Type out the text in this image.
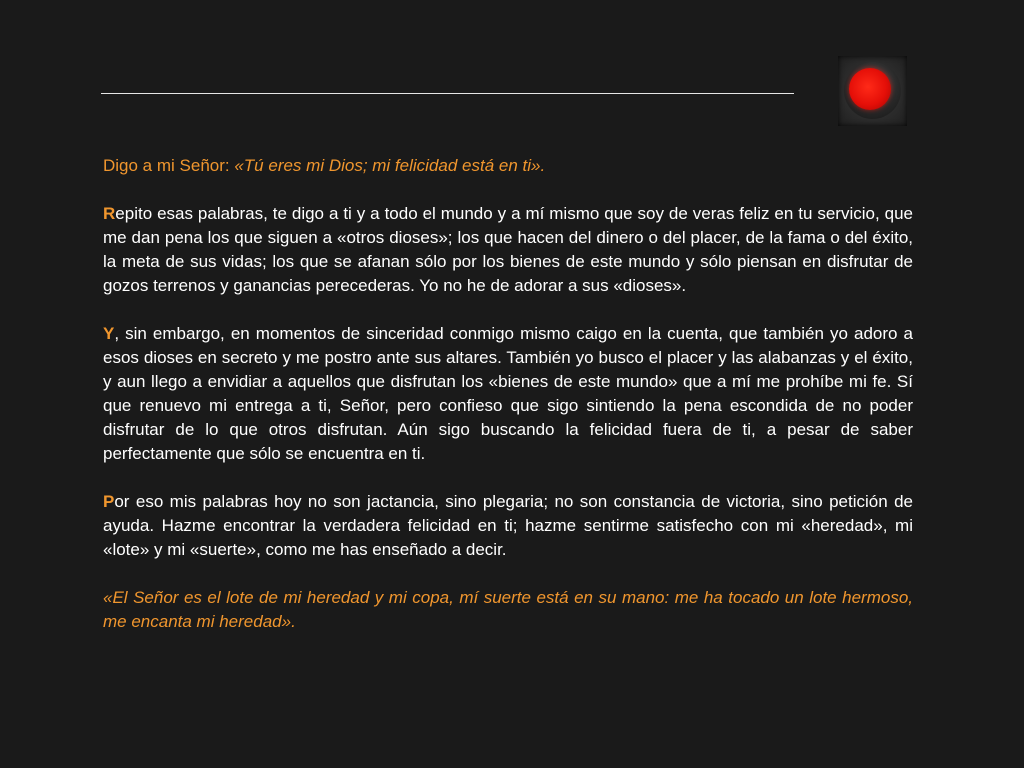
Digo a mi Señor: «Tú eres mi Dios; mi felicidad está en ti».

Repito esas palabras, te digo a ti y a todo el mundo y a mí mismo que soy de veras feliz en tu servicio, que me dan pena los que siguen a «otros dioses»; los que hacen del dinero o del placer, de la fama o del éxito, la meta de sus vidas; los que se afanan sólo por los bienes de este mundo y sólo piensan en disfrutar de gozos terrenos y ganancias perecederas. Yo no he de adorar a sus «dioses».

Y, sin embargo, en momentos de sinceridad conmigo mismo caigo en la cuenta, que también yo adoro a esos dioses en secreto y me postro ante sus altares. También yo busco el placer y las alabanzas y el éxito, y aun llego a envidiar a aquellos que disfrutan los «bienes de este mundo» que a mí me prohíbe mi fe. Sí que renuevo mi entrega a ti, Señor, pero confieso que sigo sintiendo la pena escondida de no poder disfrutar de lo que otros disfrutan. Aún sigo buscando la felicidad fuera de ti, a pesar de saber perfectamente que sólo se encuentra en ti.

Por eso mis palabras hoy no son jactancia, sino plegaria; no son constancia de victoria, sino petición de ayuda. Hazme encontrar la verdadera felicidad en ti; hazme sentirme satisfecho con mi «heredad», mi «lote» y mi «suerte», como me has enseñado a decir.

«El Señor es el lote de mi heredad y mi copa, mí suerte está en su mano: me ha tocado un lote hermoso, me encanta mi heredad».
